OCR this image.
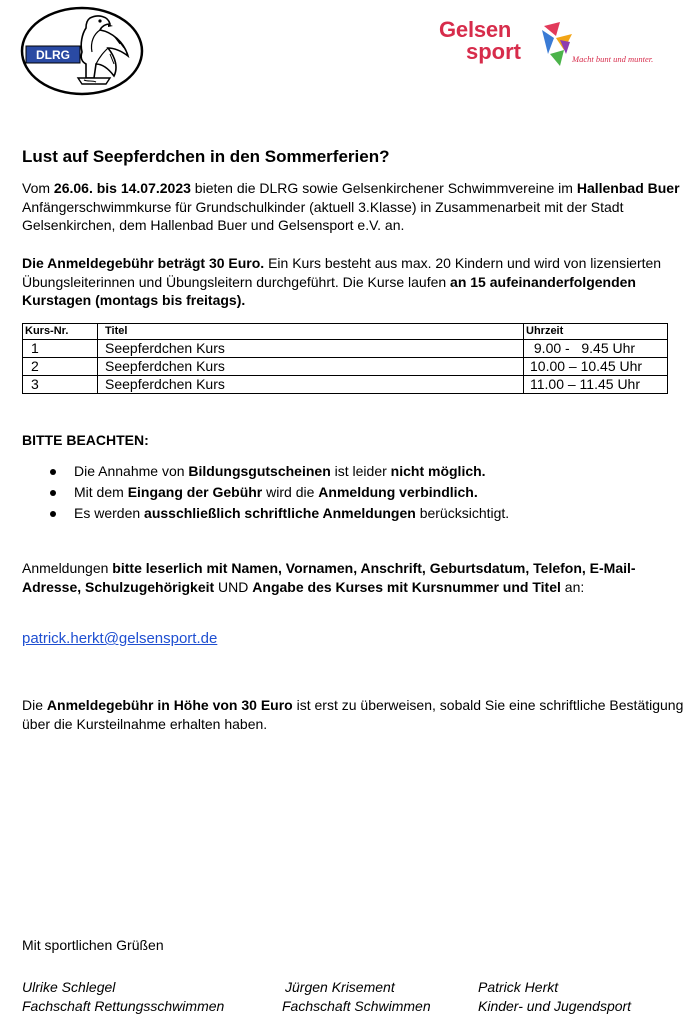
DLRG
Gelsen
sport	Macht bunt und munter.
Lust auf Seepferdchen in den Sommerferien?
Vom 26.06. bis 14.07.2023 bieten die DLRG sowie Gelsenkirchener Schwimmvereine im Hallenbad Buer Anfängerschwimmkurse für Grundschulkinder (aktuell 3.Klasse) in Zusammenarbeit mit der Stadt Gelsenkirchen, dem Hallenbad Buer und Gelsensport e.V. an.
Die Anmeldegebühr beträgt 30 Euro. Ein Kurs besteht aus max. 20 Kindern und wird von lizensierten Übungsleiterinnen und Übungsleitern durchgeführt. Die Kurse laufen an 15 aufeinanderfolgenden Kurstagen (montags bis freitags).
Kurs-Nr.	Titel	Uhrzeit
1	Seepferdchen Kurs	9.00 -   9.45 Uhr
2	Seepferdchen Kurs	10.00 – 10.45 Uhr
3	Seepferdchen Kurs	11.00 – 11.45 Uhr
BITTE BEACHTEN:
Die Annahme von Bildungsgutscheinen ist leider nicht möglich.
Mit dem Eingang der Gebühr wird die Anmeldung verbindlich.
Es werden ausschließlich schriftliche Anmeldungen berücksichtigt.
Anmeldungen bitte leserlich mit Namen, Vornamen, Anschrift, Geburtsdatum, Telefon, E-Mail-Adresse, Schulzugehörigkeit UND Angabe des Kurses mit Kursnummer und Titel an:
patrick.herkt@gelsensport.de
Die Anmeldegebühr in Höhe von 30 Euro ist erst zu überweisen, sobald Sie eine schriftliche Bestätigung über die Kursteilnahme erhalten haben.
Mit sportlichen Grüßen
Ulrike Schlegel
Fachschaft Rettungsschwimmen
Jürgen Krisement
Fachschaft Schwimmen
Patrick Herkt
Kinder- und Jugendsport
